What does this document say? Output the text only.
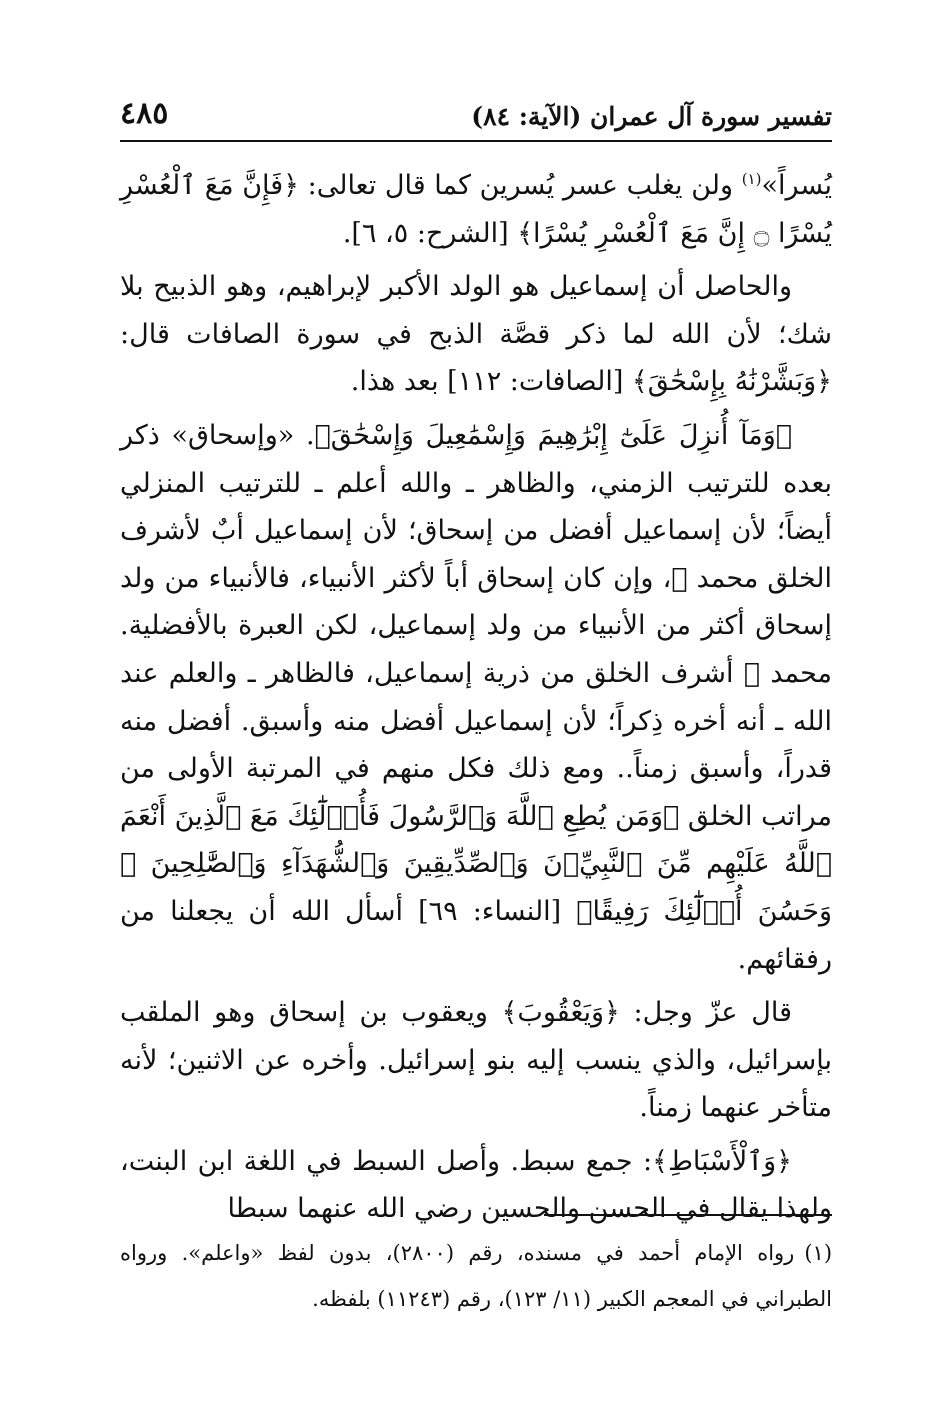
تفسير سورة آل عمران (الآية: ٨٤)
٤٨٥

يُسراً»$^{(١)}$ ولن يغلب عسر يُسرين كما قال تعالى: ﴿فَإِنَّ مَعَ ٱلْعُسْرِ يُسْرًا ۝ إِنَّ مَعَ ٱلْعُسْرِ يُسْرًا﴾ [الشرح: ٥، ٦].

والحاصل أن إسماعيل هو الولد الأكبر لإبراهيم، وهو الذبيح بلا شك؛ لأن الله لما ذكر قصَّة الذبح في سورة الصافات قال: ﴿وَبَشَّرْنَٰهُ بِإِسْحَٰقَ﴾ [الصافات: ١١٢] بعد هذا.

﴿وَمَآ أُنزِلَ عَلَىٰٓ إِبْرَٰهِيمَ وَإِسْمَٰعِيلَ وَإِسْحَٰقَ﴾. «وإسحاق» ذكر بعده للترتيب الزمني، والظاهر ـ والله أعلم ـ للترتيب المنزلي أيضاً؛ لأن إسماعيل أفضل من إسحاق؛ لأن إسماعيل أبٌ لأشرف الخلق محمد ﷺ، وإن كان إسحاق أباً لأكثر الأنبياء، فالأنبياء من ولد إسحاق أكثر من الأنبياء من ولد إسماعيل، لكن العبرة بالأفضلية. محمد ﷺ أشرف الخلق من ذرية إسماعيل، فالظاهر ـ والعلم عند الله ـ أنه أخره ذِكراً؛ لأن إسماعيل أفضل منه وأسبق. أفضل منه قدراً، وأسبق زمناً.. ومع ذلك فكل منهم في المرتبة الأولى من مراتب الخلق ﴿وَمَن يُطِعِ ٱللَّهَ وَٱلرَّسُولَ فَأُو۟لَٰٓئِكَ مَعَ ٱلَّذِينَ أَنْعَمَ ٱللَّهُ عَلَيْهِم مِّنَ ٱلنَّبِيِّۦنَ وَٱلصِّدِّيقِينَ وَٱلشُّهَدَآءِ وَٱلصَّٰلِحِينَ ۚ وَحَسُنَ أُو۟لَٰٓئِكَ رَفِيقًا﴾ [النساء: ٦٩] أسأل الله أن يجعلنا من رفقائهم.

قال عزّ وجل: ﴿وَيَعْقُوبَ﴾ ويعقوب بن إسحاق وهو الملقب بإسرائيل، والذي ينسب إليه بنو إسرائيل. وأخره عن الاثنين؛ لأنه متأخر عنهما زمناً.

﴿وَٱلْأَسْبَاطِ﴾: جمع سبط. وأصل السبط في اللغة ابن البنت، ولهذا يقال في الحسن والحسين رضي الله عنهما سبطا

(١)رواه الإمام أحمد في مسنده، رقم (٢٨٠٠)، بدون لفظ «واعلم». ورواه الطبراني في المعجم الكبير (١١/ ١٢٣)، رقم (١١٢٤٣) بلفظه.
